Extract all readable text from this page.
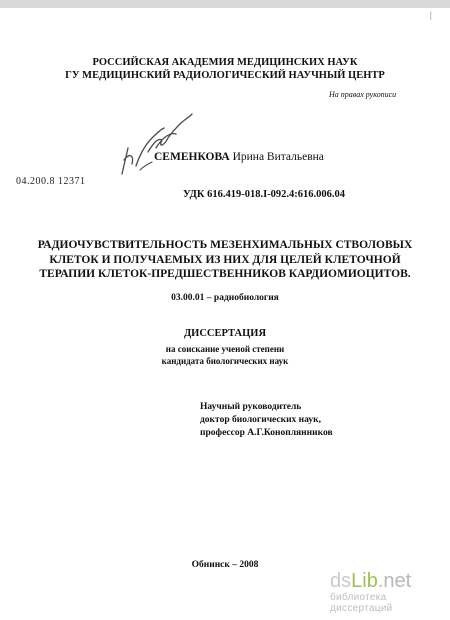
|
РОССИЙСКАЯ АКАДЕМИЯ МЕДИЦИНСКИХ НАУК
ГУ МЕДИЦИНСКИЙ РАДИОЛОГИЧЕСКИЙ НАУЧНЫЙ ЦЕНТР
На правах рукописи
СЕМЕНКОВА Ирина Витальевна
04.200.8 12371
УДК 616.419-018.I-092.4:616.006.04
РАДИОЧУВСТВИТЕЛЬНОСТЬ МЕЗЕНХИМАЛЬНЫХ СТВОЛОВЫХ
КЛЕТОК И ПОЛУЧАЕМЫХ ИЗ НИХ ДЛЯ ЦЕЛЕЙ КЛЕТОЧНОЙ
ТЕРАПИИ КЛЕТОК-ПРЕДШЕСТВЕННИКОВ КАРДИОМИОЦИТОВ.
03.00.01 – радиобиология
ДИССЕРТАЦИЯ
на соискание ученой степени
кандидата биологических наук
Научный руководитель
доктор биологических наук,
профессор А.Г.Коноплянников
Обнинск – 2008
dsLib.net
библиотека диссертаций
